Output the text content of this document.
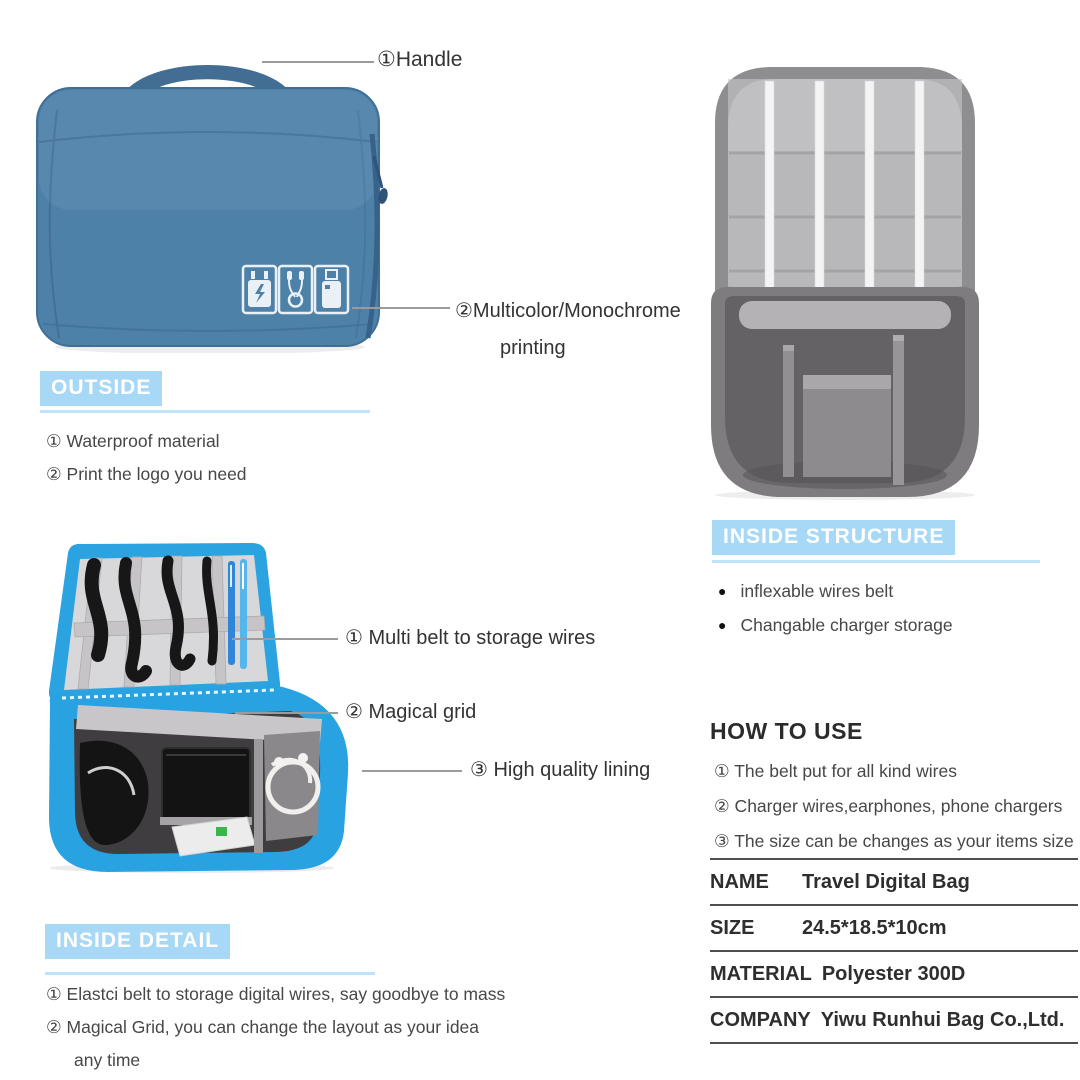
①Handle
②Multicolor/Monochrome
printing
OUTSIDE
① Waterproof material
② Print the logo you need
INSIDE STRUCTURE
● inflexable wires belt
● Changable charger storage
① Multi belt to storage wires
② Magical grid
③ High quality lining
INSIDE DETAIL
① Elastci belt to storage digital wires, say goodbye to mass
② Magical Grid, you can change the layout as your idea
any time
HOW TO USE
① The belt put for all kind wires
② Charger wires,earphones, phone chargers
③ The size can be changes as your items size
NAME	Travel Digital Bag
SIZE	24.5*18.5*10cm
MATERIAL Polyester 300D
COMPANY Yiwu Runhui Bag Co.,Ltd.
